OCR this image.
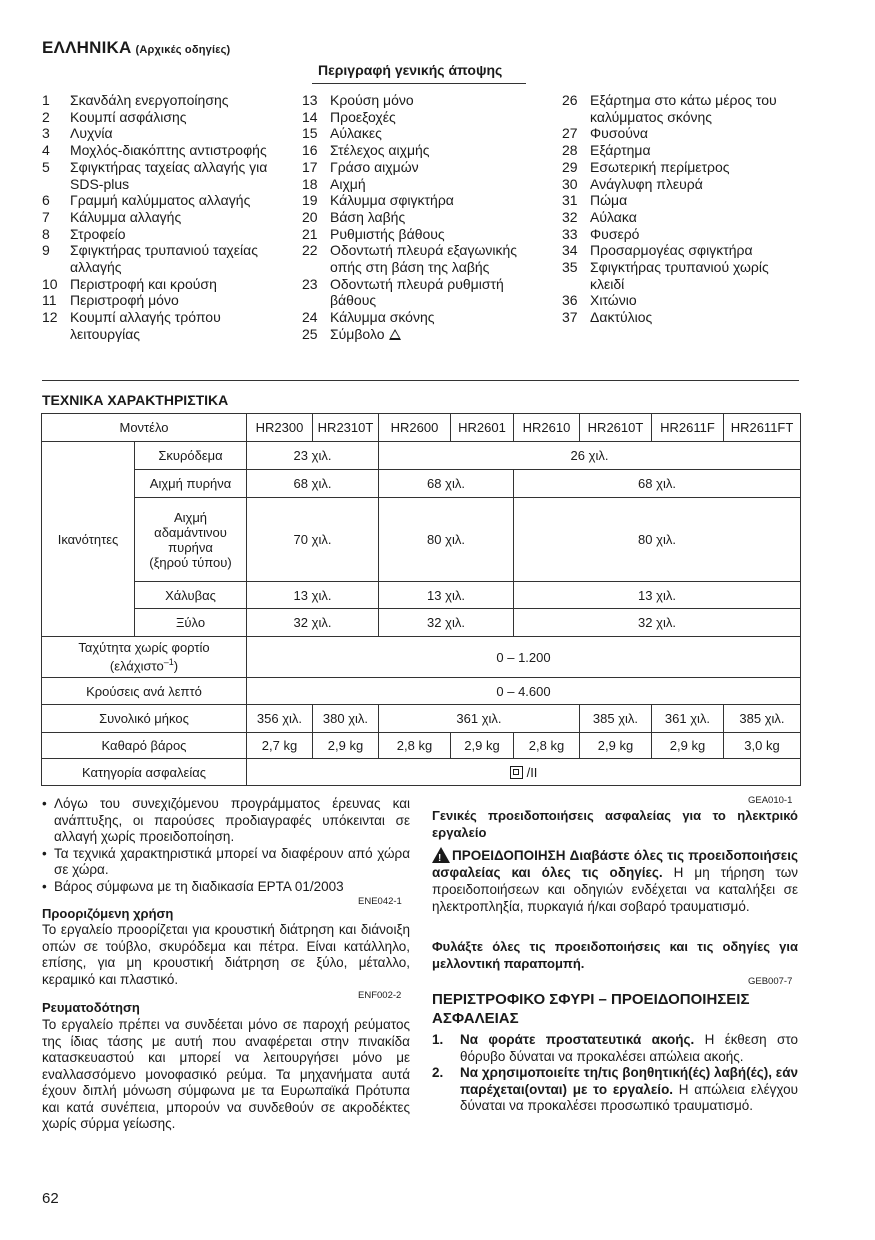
ΕΛΛΗΝΙΚΑ (Αρχικές οδηγίες)
Περιγραφή γενικής άποψης
1	Σκανδάλη ενεργοποίησης
2	Κουμπί ασφάλισης
3	Λυχνία
4	Μοχλός-διακόπτης αντιστροφής
5	Σφιγκτήρας ταχείας αλλαγής για SDS-plus
6	Γραμμή καλύμματος αλλαγής
7	Κάλυμμα αλλαγής
8	Στροφείο
9	Σφιγκτήρας τρυπανιού ταχείας αλλαγής
10 Περιστροφή και κρούση
11 Περιστροφή μόνο
12 Κουμπί αλλαγής τρόπου λειτουργίας
13 Κρούση μόνο
14 Προεξοχές
15 Αύλακες
16 Στέλεχος αιχμής
17 Γράσο αιχμών
18 Αιχμή
19 Κάλυμμα σφιγκτήρα
20 Βάση λαβής
21 Ρυθμιστής βάθους
22 Οδοντωτή πλευρά εξαγωνικής οπής στη βάση της λαβής
23 Οδοντωτή πλευρά ρυθμιστή βάθους
24 Κάλυμμα σκόνης
25 Σύμβολο
26 Εξάρτημα στο κάτω μέρος του καλύμματος σκόνης
27 Φυσούνα
28 Εξάρτημα
29 Εσωτερική περίμετρος
30 Ανάγλυφη πλευρά
31 Πώμα
32 Αύλακα
33 Φυσερό
34 Προσαρμογέας σφιγκτήρα
35 Σφιγκτήρας τρυπανιού χωρίς κλειδί
36 Χιτώνιο
37 Δακτύλιος
ΤΕΧΝΙΚΑ ΧΑΡΑΚΤΗΡΙΣΤΙΚΑ
Μοντέλο		HR2300	HR2310T	HR2600	HR2601	HR2610	HR2610T	HR2611F	HR2611FT
Ικανότητες	Σκυρόδεμα	23 χιλ.		26 χιλ.					
	Αιχμή πυρήνα	68 χιλ.		68 χιλ.		68 χιλ.			
	Αιχμή αδαμάντινου πυρήνα (ξηρού τύπου)	70 χιλ.		80 χιλ.		80 χιλ.			
	Χάλυβας	13 χιλ.		13 χιλ.		13 χιλ.			
	Ξύλο	32 χιλ.		32 χιλ.		32 χιλ.			
Ταχύτητα χωρίς φορτίο
(ελάχιστο$^{-1}$)		0 – 1.200							
Κρούσεις ανά λεπτό		0 – 4.600							
Συνολικό μήκος		356 χιλ.	380 χιλ.	361 χιλ.			385 χιλ.	361 χιλ.	385 χιλ.
Καθαρό βάρος		2,7 kg	2,9 kg	2,8 kg	2,9 kg	2,8 kg	2,9 kg	2,9 kg	3,0 kg
Κατηγορία ασφαλείας		/II							
• Λόγω του συνεχιζόμενου προγράμματος έρευνας και ανάπτυξης, οι παρούσες προδιαγραφές υπόκεινται σε αλλαγή χωρίς προειδοποίηση.
• Τα τεχνικά χαρακτηριστικά μπορεί να διαφέρουν από χώρα σε χώρα.
• Βάρος σύμφωνα με τη διαδικασία EPTA 01/2003
ENE042-1
Προοριζόμενη χρήση
Το εργαλείο προορίζεται για κρουστική διάτρηση και διάνοιξη οπών σε τούβλο, σκυρόδεμα και πέτρα. Είναι κατάλληλο, επίσης, για μη κρουστική διάτρηση σε ξύλο, μέταλλο, κεραμικό και πλαστικό.
ENF002-2
Ρευματοδότηση
Το εργαλείο πρέπει να συνδέεται μόνο σε παροχή ρεύματος της ίδιας τάσης με αυτή που αναφέρεται στην πινακίδα κατασκευαστού και μπορεί να λειτουργήσει μόνο με εναλλασσόμενο μονοφασικό ρεύμα. Τα μηχανήματα αυτά έχουν διπλή μόνωση σύμφωνα με τα Ευρωπαϊκά Πρότυπα και κατά συνέπεια, μπορούν να συνδεθούν σε ακροδέκτες χωρίς σύρμα γείωσης.
GEA010-1
Γενικές προειδοποιήσεις ασφαλείας για το ηλεκτρικό εργαλείο
!ΠΡΟΕΙΔΟΠΟΙΗΣΗ Διαβάστε όλες τις προειδοποιήσεις ασφαλείας και όλες τις οδηγίες. Η μη τήρηση των προειδοποιήσεων και οδηγιών ενδέχεται να καταλήξει σε ηλεκτροπληξία, πυρκαγιά ή/και σοβαρό τραυματισμό.
Φυλάξτε όλες τις προειδοποιήσεις και τις οδηγίες για μελλοντική παραπομπή.
GEB007-7
ΠΕΡΙΣΤΡΟΦΙΚΟ ΣΦΥΡΙ – ΠΡΟΕΙΔΟΠΟΙΗΣΕΙΣ ΑΣΦΑΛΕΙΑΣ
1.	Να φοράτε προστατευτικά ακοής. Η έκθεση στο θόρυβο δύναται να προκαλέσει απώλεια ακοής.
2.	Να χρησιμοποιείτε τη/τις βοηθητική(ές) λαβή(ές), εάν παρέχεται(ονται) με το εργαλείο. Η απώλεια ελέγχου δύναται να προκαλέσει προσωπικό τραυματισμό.
62
